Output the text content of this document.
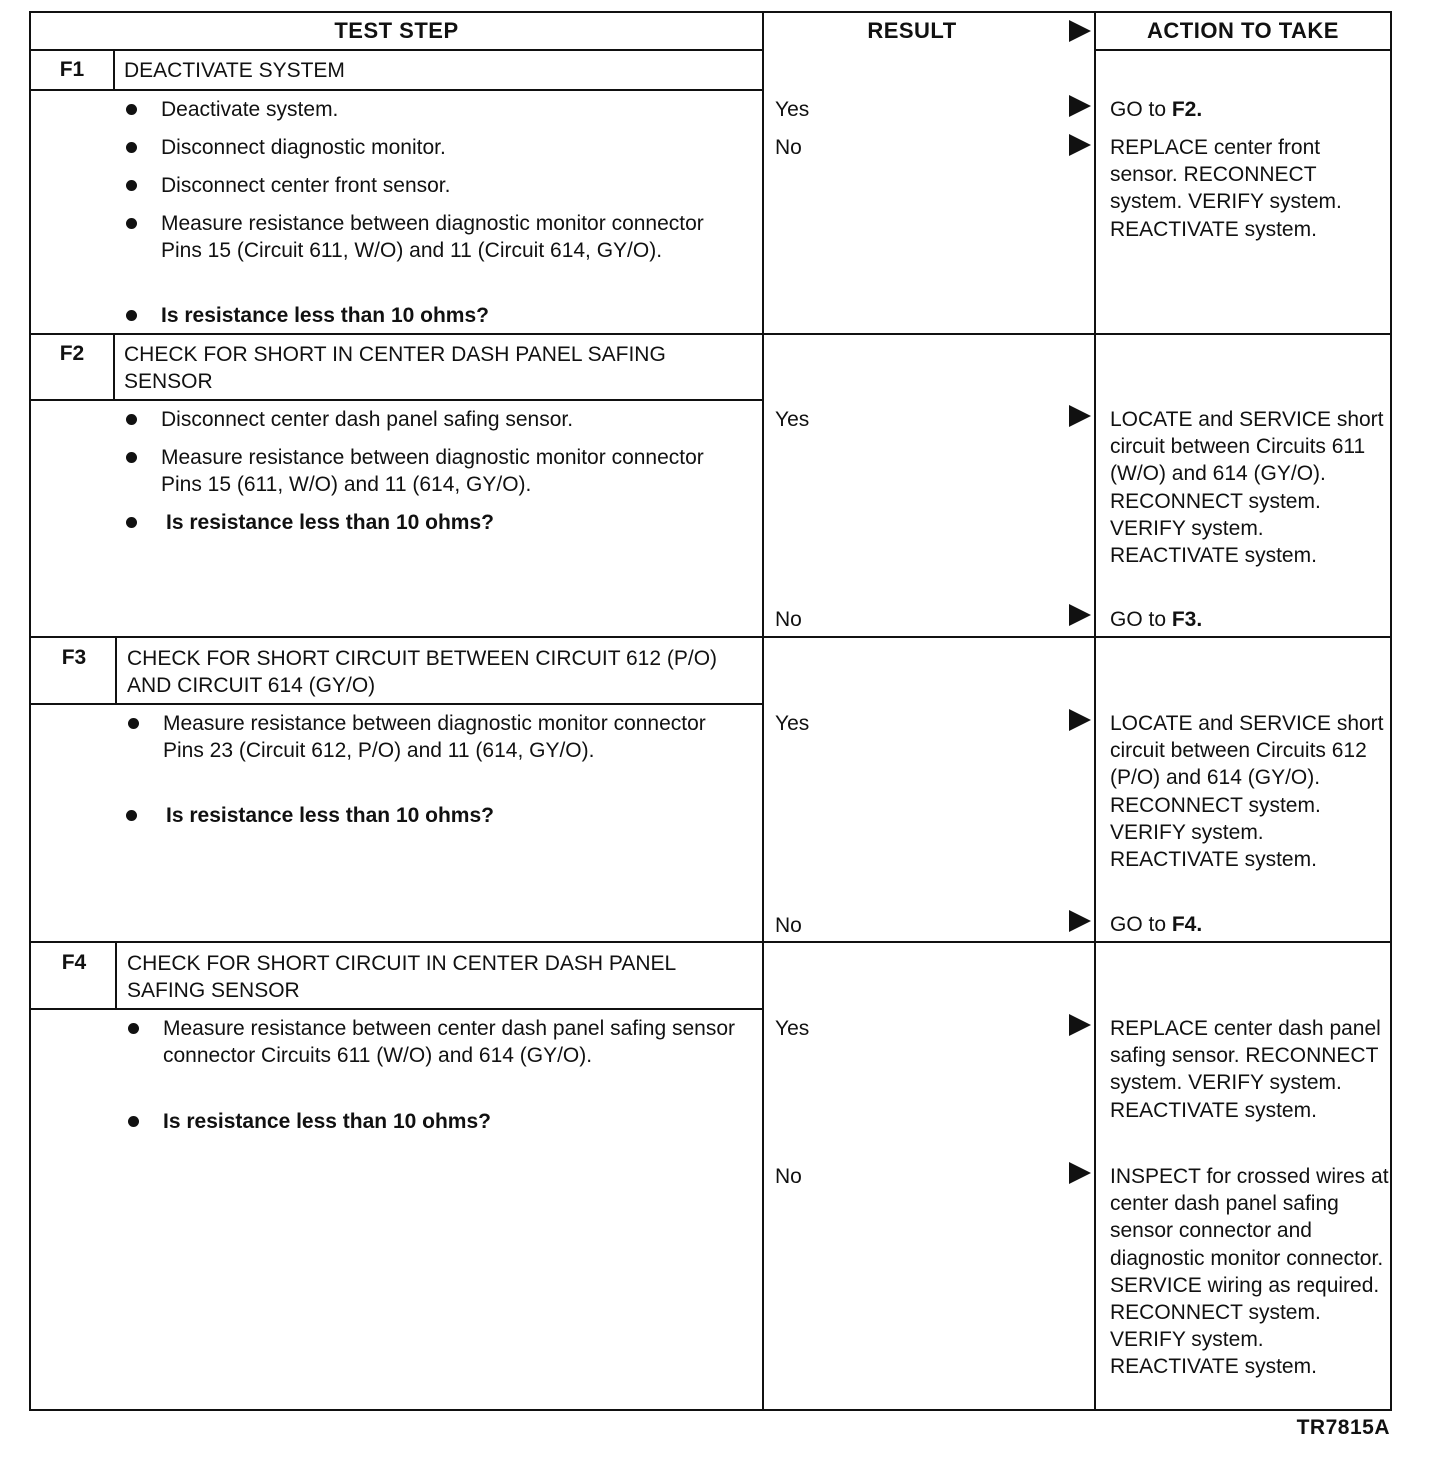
TEST STEP	RESULT	ACTION TO TAKE
F1	DEACTIVATE SYSTEM
Deactivate system.
Disconnect diagnostic monitor.
Disconnect center front sensor.
Measure resistance between diagnostic monitor connector Pins 15 (Circuit 611, W/O) and 11 (Circuit 614, GY/O).
Is resistance less than 10 ohms?
Yes	GO to F2.
No	REPLACE center front sensor. RECONNECT system. VERIFY system. REACTIVATE system.
F2	CHECK FOR SHORT IN CENTER DASH PANEL SAFING SENSOR
Disconnect center dash panel safing sensor.
Measure resistance between diagnostic monitor connector Pins 15 (611, W/O) and 11 (614, GY/O).
Is resistance less than 10 ohms?
Yes	LOCATE and SERVICE short circuit between Circuits 611 (W/O) and 614 (GY/O). RECONNECT system. VERIFY system. REACTIVATE system.
No	GO to F3.
F3	CHECK FOR SHORT CIRCUIT BETWEEN CIRCUIT 612 (P/O) AND CIRCUIT 614 (GY/O)
Measure resistance between diagnostic monitor connector Pins 23 (Circuit 612, P/O) and 11 (614, GY/O).
Is resistance less than 10 ohms?
Yes	LOCATE and SERVICE short circuit between Circuits 612 (P/O) and 614 (GY/O). RECONNECT system. VERIFY system. REACTIVATE system.
No	GO to F4.
F4	CHECK FOR SHORT CIRCUIT IN CENTER DASH PANEL SAFING SENSOR
Measure resistance between center dash panel safing sensor connector Circuits 611 (W/O) and 614 (GY/O).
Is resistance less than 10 ohms?
Yes	REPLACE center dash panel safing sensor. RECONNECT system. VERIFY system. REACTIVATE system.
No	INSPECT for crossed wires at center dash panel safing sensor connector and diagnostic monitor connector. SERVICE wiring as required. RECONNECT system. VERIFY system. REACTIVATE system.
TR7815A
